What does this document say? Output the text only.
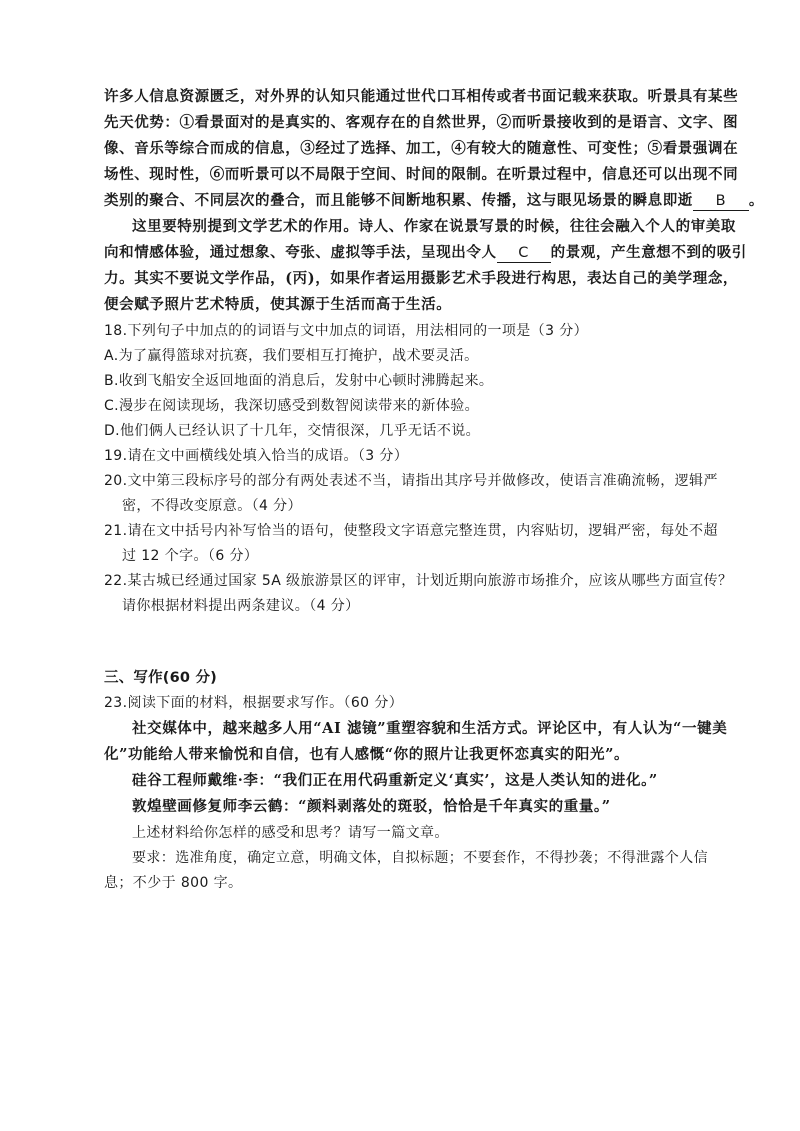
许多人信息资源匮乏，对外界的认知只能通过世代口耳相传或者书面记载来获取。听景具有某些
先天优势：①看景面对的是真实的、客观存在的自然世界，②而听景接收到的是语言、文字、图
像、音乐等综合而成的信息，③经过了选择、加工，④有较大的随意性、可变性；⑤看景强调在
场性、现时性，⑥而听景可以不局限于空间、时间的限制。在听景过程中，信息还可以出现不同
类别的聚合、不同层次的叠合，而且能够不间断地积累、传播，这与眼见场景的瞬息即逝 B 。
这里要特别提到文学艺术的作用。诗人、作家在说景写景的时候，往往会融入个人的审美取
向和情感体验，通过想象、夸张、虚拟等手法，呈现出令人 C 的景观，产生意想不到的吸引
力。其实不要说文学作品，(丙)，如果作者运用摄影艺术手段进行构思，表达自己的美学理念，
便会赋予照片艺术特质，使其源于生活而高于生活。
18.下列句子中加点的的词语与文中加点的词语，用法相同的一项是（3 分）
A.为了赢得篮球对抗赛，我们要相互打掩护，战术要灵活。
B.收到飞船安全返回地面的消息后，发射中心顿时沸腾起来。
C.漫步在阅读现场，我深切感受到数智阅读带来的新体验。
D.他们俩人已经认识了十几年，交情很深，几乎无话不说。
19.请在文中画横线处填入恰当的成语。（3 分）
20.文中第三段标序号的部分有两处表述不当，请指出其序号并做修改，使语言准确流畅，逻辑严
密，不得改变原意。（4 分）
21.请在文中括号内补写恰当的语句，使整段文字语意完整连贯，内容贴切，逻辑严密，每处不超
过 12 个字。（6 分）
22.某古城已经通过国家 5A 级旅游景区的评审，计划近期向旅游市场推介，应该从哪些方面宣传？
请你根据材料提出两条建议。（4 分）
三、写作(60 分)
23.阅读下面的材料，根据要求写作。（60 分）
社交媒体中，越来越多人用“AI 滤镜”重塑容貌和生活方式。评论区中，有人认为“一键美
化”功能给人带来愉悦和自信，也有人感慨“你的照片让我更怀恋真实的阳光”。
硅谷工程师戴维·李：“我们正在用代码重新定义‘真实’，这是人类认知的进化。”
敦煌壁画修复师李云鹤：“颜料剥落处的斑驳，恰恰是千年真实的重量。”
上述材料给你怎样的感受和思考？请写一篇文章。
要求：选准角度，确定立意，明确文体，自拟标题；不要套作，不得抄袭；不得泄露个人信
息；不少于 800 字。
